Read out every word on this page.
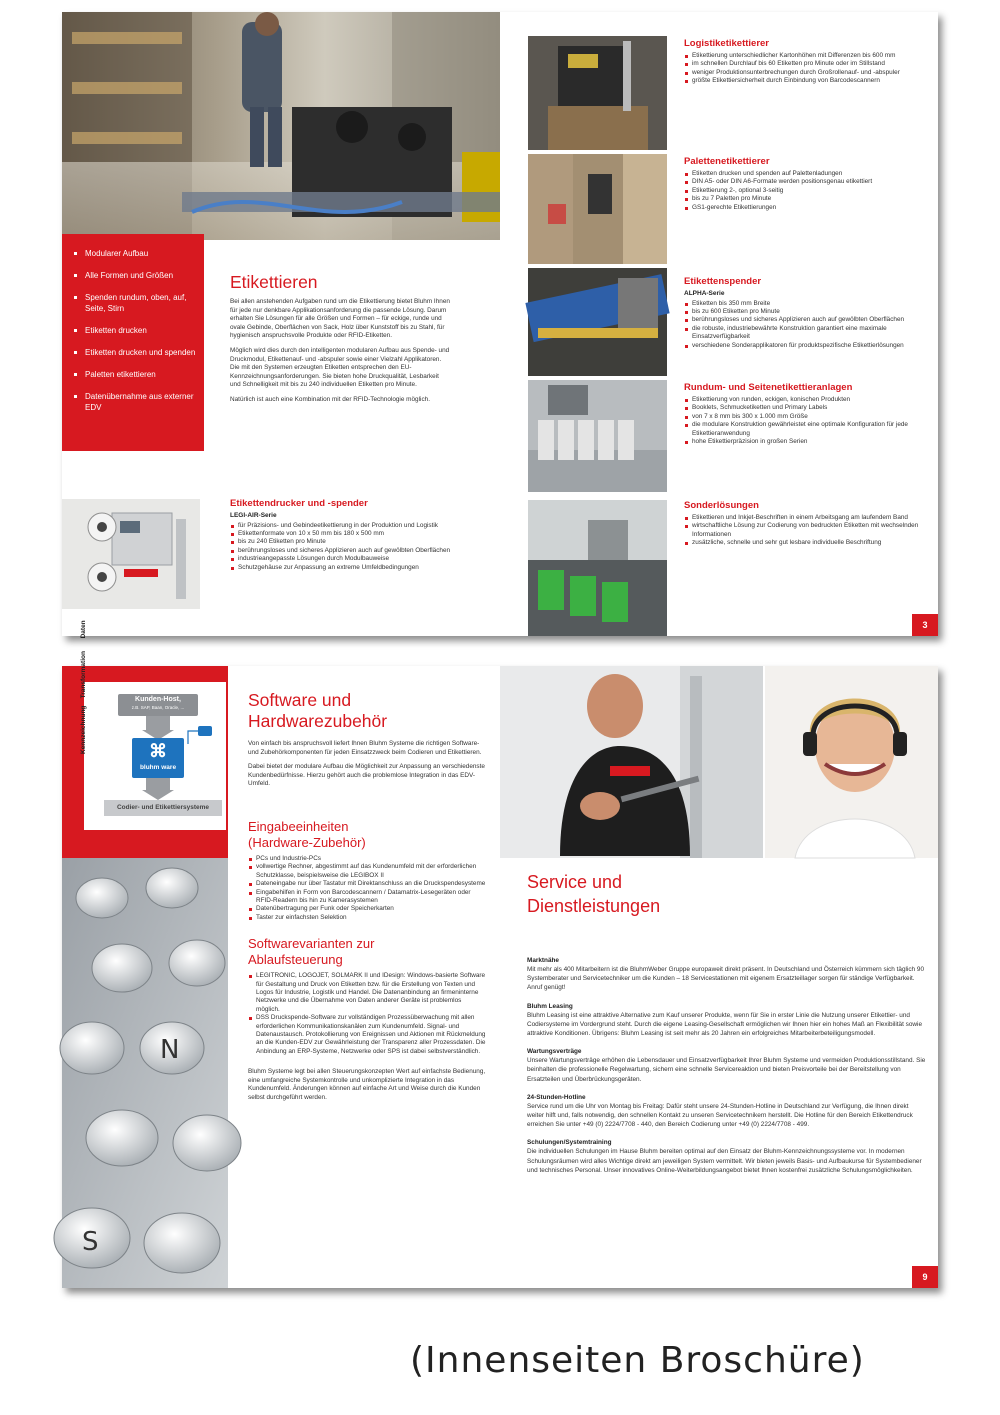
Modularer Aufbau
Alle Formen und Größen
Spenden rundum, oben, auf, Seite, Stirn
Etiketten drucken
Etiketten drucken und spenden
Paletten etikettieren
Datenübernahme aus externer EDV
Etikettieren

Bei allen anstehenden Aufgaben rund um die Etikettierung bietet Bluhm Ihnen für jede nur denkbare Applikationsanforderung die passende Lösung. Darum erhalten Sie Lösungen für alle Größen und Formen – für eckige, runde und ovale Gebinde, Oberflächen von Sack, Holz über Kunststoff bis zu Stahl, für hygienisch anspruchsvolle Produkte oder RFID-Etiketten.

Möglich wird dies durch den intelligenten modularen Aufbau aus Spende- und Druckmodul, Etikettenauf- und -abspuler sowie einer Vielzahl Applikatoren. Die mit den Systemen erzeugten Etiketten entsprechen den EU-Kennzeichnungsanforderungen. Sie bieten hohe Druckqualität, Lesbarkeit und Schnelligkeit mit bis zu 240 individuellen Etiketten pro Minute.

Natürlich ist auch eine Kombination mit der RFID-Technologie möglich.

Etikettendrucker und -spender

LEGI-AIR-Serie

für Präzisions- und Gebindeetikettierung in der Produktion und Logistik
Etikettenformate von 10 x 50 mm bis 180 x 500 mm
bis zu 240 Etiketten pro Minute
berührungsloses und sicheres Applizieren auch auf gewölbten Oberflächen
industrieangepasste Lösungen durch Modulbauweise
Schutzgehäuse zur Anpassung an extreme Umfeldbedingungen
Logistiketikettierer
Etikettierung unterschiedlicher Kartonhöhen mit Differenzen bis 600 mm
im schnellen Durchlauf bis 60 Etiketten pro Minute oder im Stillstand
weniger Produktionsunterbrechungen durch Großrollenauf- und -abspuler
größte Etikettiersicherheit durch Einbindung von Barcodescannern
Palettenetikettierer
Etiketten drucken und spenden auf Palettenladungen
DIN A5- oder DIN A6-Formate werden positionsgenau etikettiert
Etikettierung 2-, optional 3-seitig
bis zu 7 Paletten pro Minute
GS1-gerechte Etikettierungen
Etikettenspender

ALPHA-Serie

Etiketten bis 350 mm Breite
bis zu 600 Etiketten pro Minute
berührungsloses und sicheres Applizieren auch auf gewölbten Oberflächen
die robuste, industriebewährte Konstruktion garantiert eine maximale Einsatzverfügbarkeit
verschiedene Sonderapplikatoren für produktspezifische Etikettierlösungen
Rundum- und Seitenetikettieranlagen
Etikettierung von runden, eckigen, konischen Produkten
Booklets, Schmucketiketten und Primary Labels
von 7 x 8 mm bis 300 x 1.000 mm Größe
die modulare Konstruktion gewährleistet eine optimale Konfiguration für jede Etikettieranwendung
hohe Etikettierpräzision in großen Serien
Sonderlösungen
Etikettieren und Inkjet-Beschriften in einem Arbeitsgang am laufendem Band
wirtschaftliche Lösung zur Codierung von bedruckten Etiketten mit wechselnden Informationen
zusätzliche, schnelle und sehr gut lesbare individuelle Beschriftung
3
Kennzeichnung    Transformation       Daten
Kunden-Host,
z.B. SAP, Baan, Oracle, ...
⌘
bluhm ware
Codier- und Etikettiersysteme
N
S
Software und Hardwarezubehör

Von einfach bis anspruchsvoll liefert Ihnen Bluhm Systeme die richtigen Software- und Zubehörkomponenten für jeden Einsatzzweck beim Codieren und Etikettieren.

Dabei bietet der modulare Aufbau die Möglichkeit zur Anpassung an verschiedenste Kundenbedürfnisse. Hierzu gehört auch die problemlose Integration in das EDV-Umfeld.

Eingabeeinheiten (Hardware-Zubehör)
PCs und Industrie-PCs
vollwertige Rechner, abgestimmt auf das Kundenumfeld mit der erforderlichen Schutzklasse, beispielsweise die LEGIBOX II
Dateneingabe nur über Tastatur mit Direktanschluss an die Druckspendesysteme
Eingabehilfen in Form von Barcodescannern / Datamatrix-Lesegeräten oder RFID-Readern bis hin zu Kamerasystemen
Datenübertragung per Funk oder Speicherkarten
Taster zur einfachsten Selektion
Softwarevarianten zur Ablaufsteuerung
LEGITRONIC, LOGOJET, SOLMARK II und IDesign: Windows-basierte Software für Gestaltung und Druck von Etiketten bzw. für die Erstellung von Texten und Logos für Industrie, Logistik und Handel. Die Datenanbindung an firmeninterne Netzwerke und die Übernahme von Daten anderer Geräte ist problemlos möglich.
DSS Druckspende-Software zur vollständigen Prozessüberwachung mit allen erforderlichen Kommunikationskanälen zum Kundenumfeld. Signal- und Datenaustausch. Protokollierung von Ereignissen und Aktionen mit Rückmeldung an die Kunden-EDV zur Gewährleistung der Transparenz aller Prozessdaten. Die Anbindung an ERP-Systeme, Netzwerke oder SPS ist dabei selbstverständlich.

Bluhm Systeme legt bei allen Steuerungskonzepten Wert auf einfachste Bedienung, eine umfangreiche Systemkontrolle und unkomplizierte Integration in das Kundenumfeld. Änderungen können auf einfache Art und Weise durch die Kunden selbst durchgeführt werden.

Service und Dienstleistungen

Marktnähe

Mit mehr als 400 Mitarbeitern ist die BluhmWeber Gruppe europaweit direkt präsent. In Deutschland und Österreich kümmern sich täglich 90 Systemberater und Servicetechniker um die Kunden – 18 Servicestationen mit eigenem Ersatzteillager sorgen für ständige Verfügbarkeit. Anruf genügt!

Bluhm Leasing

Bluhm Leasing ist eine attraktive Alternative zum Kauf unserer Produkte, wenn für Sie in erster Linie die Nutzung unserer Etikettier- und Codiersysteme im Vordergrund steht. Durch die eigene Leasing-Gesellschaft ermöglichen wir Ihnen hier ein hohes Maß an Flexibilität sowie attraktive Konditionen. Übrigens: Bluhm Leasing ist seit mehr als 20 Jahren ein erfolgreiches Mitarbeiterbeteiligungsmodell.

Wartungsverträge

Unsere Wartungsverträge erhöhen die Lebensdauer und Einsatzverfügbarkeit Ihrer Bluhm Systeme und vermeiden Produktionsstillstand. Sie beinhalten die professionelle Regelwartung, sichern eine schnelle Servicereaktion und bieten Preisvorteile bei der Bereitstellung von Ersatzteilen und Überbrückungsgeräten.

24-Stunden-Hotline

Service rund um die Uhr von Montag bis Freitag: Dafür steht unsere 24-Stunden-Hotline in Deutschland zur Verfügung, die Ihnen direkt weiter hilft und, falls notwendig, den schnellen Kontakt zu unseren Servicetechnikern herstellt. Die Hotline für den Bereich Etikettendruck erreichen Sie unter +49 (0) 2224/7708 - 440, den Bereich Codierung unter +49 (0) 2224/7708 - 499.

Schulungen/Systemtraining

Die individuellen Schulungen im Hause Bluhm bereiten optimal auf den Einsatz der Bluhm-Kennzeichnungssysteme vor. In modernen Schulungsräumen wird alles Wichtige direkt am jeweiligen System vermittelt. Wir bieten jeweils Basis- und Aufbaukurse für Systembediener und technisches Personal. Unser innovatives Online-Weiterbildungsangebot bietet Ihnen kostenfrei zusätzliche Schulungsmöglichkeiten.

9
(Innenseiten Broschüre)
